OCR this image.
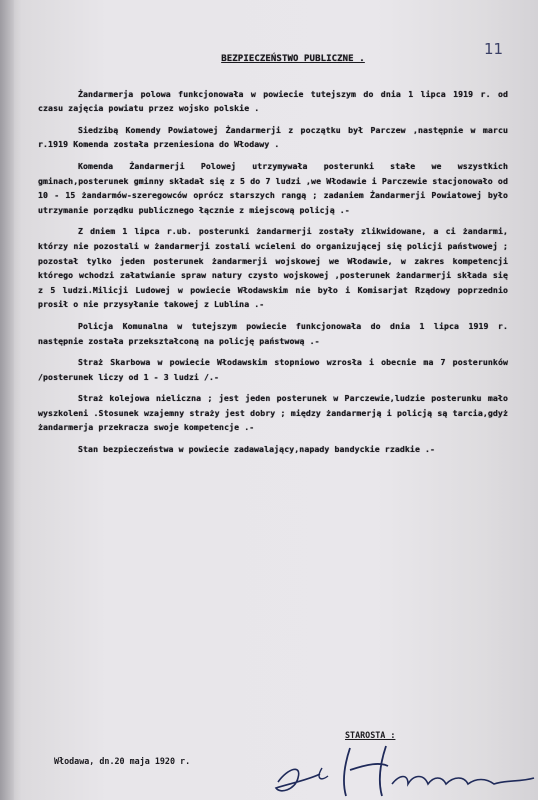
11
BEZPIECZEŃSTWO PUBLICZNE .

Żandarmerja polowa funkcjonowała w powiecie tutejszym do dnia 1 lipca 1919 r. od czasu zajęcia powiatu przez wojsko polskie .

Siedzibą Komendy Powiatowej Żandarmerji z początku był Parczew ,następnie w marcu r.1919 Komenda została przeniesiona do Włodawy .

Komenda Żandarmerji Polowej utrzymywała posterunki stałe we wszystkich gminach,posterunek gminny składał się z 5 do 7 ludzi ,we Włodawie i Parczewie stacjonowało od 10 - 15 żandarmów-szeregowców oprócz starszych rangą ; zadaniem Żandarmerji Powiatowej było utrzymanie porządku publicznego łącznie z miejscową policją .-

Z dniem 1 lipca r.ub. posterunki żandarmerji zostały zlikwidowane, a ci żandarmi, którzy nie pozostali w żandarmerji zostali wcieleni do organizującej się policji państwowej ; pozostał tylko jeden posterunek żandarmerji wojskowej we Włodawie, w zakres kompetencji którego wchodzi załatwianie spraw natury czysto wojskowej ,posterunek żandarmerji składa się z 5 ludzi.Milicji Ludowej w powiecie Włodawskim nie było i Komisarjat Rządowy poprzednio prosił o nie przysyłanie takowej z Lublina .-

Policja Komunalna w tutejszym powiecie funkcjonowała do dnia 1 lipca 1919 r. następnie została przekształconą na policję państwową .-

Straż Skarbowa w powiecie Włodawskim stopniowo wzrosła i obecnie ma 7 posterunków /posterunek liczy od 1 - 3 ludzi /.-

Straż kolejowa nieliczna ; jest jeden posterunek w Parczewie,ludzie posterunku mało wyszkoleni .Stosunek wzajemny straży jest dobry ; między żandarmerją i policją są tarcia,gdyż żandarmerja przekracza swoje kompetencje .-

Stan bezpieczeństwa w powiecie zadawalający,napady bandyckie rzadkie .-

STAROSTA :
Włodawa, dn.20 maja 1920 r.
